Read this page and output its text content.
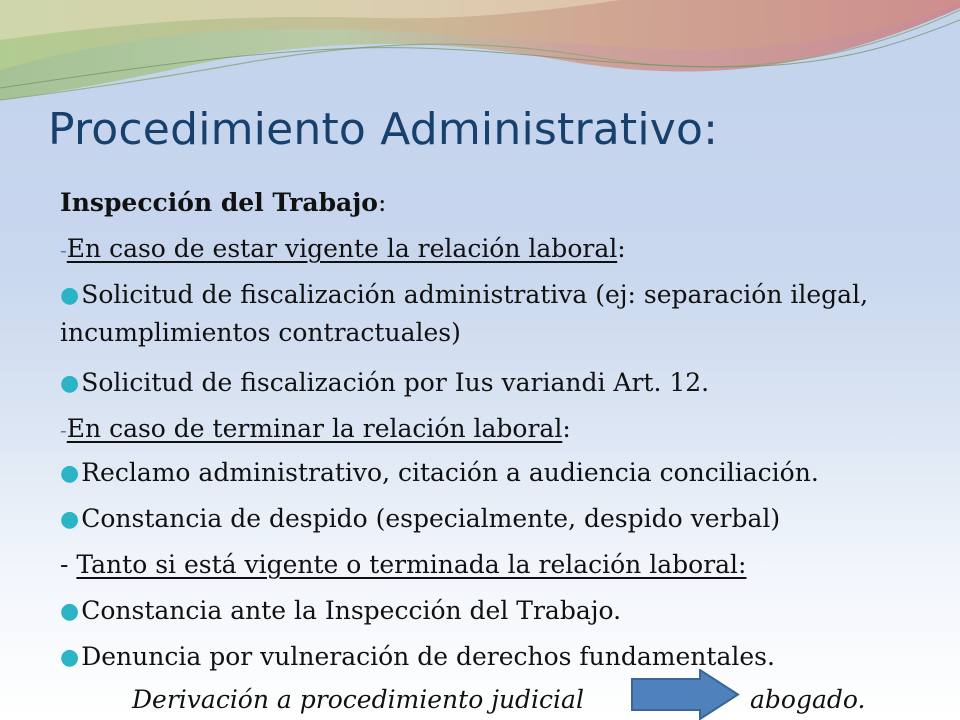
Procedimiento Administrativo:
Inspección del Trabajo:
-En caso de estar vigente la relación laboral:
●Solicitud de fiscalización administrativa (ej: separación ilegal, incumplimientos contractuales)
●Solicitud de fiscalización por Ius variandi Art. 12.
-En caso de terminar la relación laboral:
●Reclamo administrativo, citación a audiencia conciliación.
●Constancia de despido (especialmente, despido verbal)
- Tanto si está vigente o terminada la relación laboral:
●Constancia ante la Inspección del Trabajo.
●Denuncia por vulneración de derechos fundamentales.
Derivación a procedimiento judicial	abogado.
